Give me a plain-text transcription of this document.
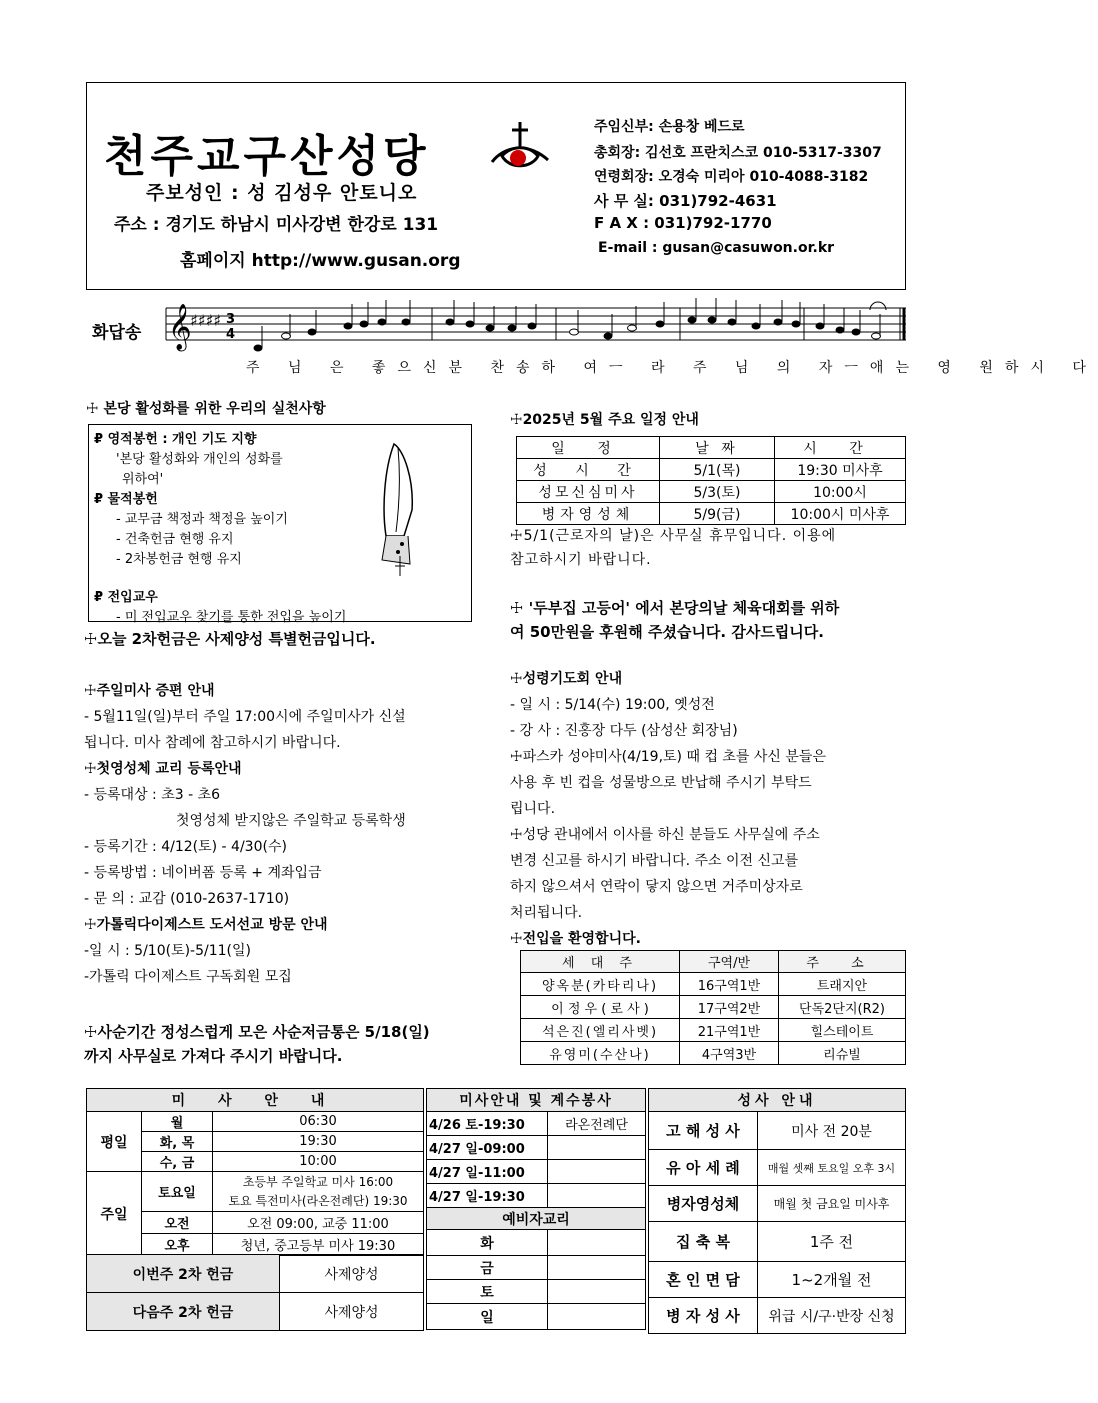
천주교구산성당
주보성인 : 성 김성우 안토니오
주소 : 경기도 하남시 미사강변 한강로 131
홈페이지 http://www.gusan.org
주임신부: 손용창 베드로
총회장: 김선호 프란치스코 010-5317-3307
연령회장: 오경숙 미리아 010-4088-3182
사 무 실: 031)792-4631
F A X : 031)792-1770
E-mail : gusan@casuwon.or.kr
화답송 𝄞
♯♯♯♯ 3
4
주 님 은 좋으신분 찬송하 여ㅡ 라 주 님 의 자ㅡ애는 영 원하시 다
☩ 본당 활성화를 위한 우리의 실천사항
₽ 영적봉헌 : 개인 기도 지향
'본당 활성화와 개인의 성화를
위하여'
₽ 물적봉헌
- 교무금 책정과 책정을 높이기
- 건축헌금 현행 유지
- 2차봉헌금 현행 유지
₽ 전입교우
- 미 전입교우 찾기를 통한 전입을 높이기
☩오늘 2차헌금은 사제양성 특별헌금입니다.
☩주일미사 증편 안내
- 5월11일(일)부터 주일 17:00시에 주일미사가 신설
됩니다. 미사 참례에 참고하시기 바랍니다.
☩첫영성체 교리 등록안내
- 등록대상 : 초3 - 초6
첫영성체 받지않은 주일학교 등록학생
- 등록기간 : 4/12(토) - 4/30(수)
- 등록방법 : 네이버폼 등록 + 계좌입금
- 문 의 : 교감 (010-2637-1710)
☩가톨릭다이제스트 도서선교 방문 안내
-일 시 : 5/10(토)-5/11(일)
-가톨릭 다이제스트 구독회원 모집
☩사순기간 정성스럽게 모은 사순저금통은 5/18(일)
까지 사무실로 가져다 주시기 바랍니다.
☩2025년 5월 주요 일정 안내
일 정	날 짜	시 간
성 시 간	5/1(목)	19:30 미사후
성모신심미사	5/3(토)	10:00시
병자영성체	5/9(금)	10:00시 미사후
☩5/1(근로자의 날)은 사무실 휴무입니다. 이용에
참고하시기 바랍니다.
☩ '두부집 고등어' 에서 본당의날 체육대회를 위하
여 50만원을 후원해 주셨습니다. 감사드립니다.
☩성령기도회 안내
- 일 시 : 5/14(수) 19:00, 옛성전
- 강 사 : 진홍장 다두 (삼성산 회장님)
☩파스카 성야미사(4/19,토) 때 컵 초를 사신 분들은
사용 후 빈 컵을 성물방으로 반납해 주시기 부탁드
립니다.
☩성당 관내에서 이사를 하신 분들도 사무실에 주소
변경 신고를 하시기 바랍니다. 주소 이전 신고를
하지 않으셔서 연락이 닿지 않으면 거주미상자로
처리됩니다.
☩전입을 환영합니다.
세 대 주	구역/반	주 소
양옥분(카타리나)	16구역1반	트래지안
이 정 우 ( 로 사 )	17구역2반	단독2단지(R2)
석은진(엘리사벳)	21구역1반	힐스테이트
유영미(수산나)	4구역3반	리슈빌
미 사 안 내		
평일	월	06:30
	화, 목	19:30
	수, 금	10:00
주일	토요일	초등부 주일학교 미사 16:00
토요 특전미사(라온전례단) 19:30

	오전	오전 09:00, 교중 11:00
	오후	청년, 중고등부 미사 19:30
이번주 2차 헌금	사제양성
다음주 2차 헌금	사제양성
미사안내 및 계수봉사	
4/26 토-19:30	라온전례단
4/27 일-09:00	
4/27 일-11:00	
4/27 일-19:30	
예비자교리	
화	
금	
토	
일	
성사 안내	
고 해 성 사	미사 전 20분
유 아 세 례	매월 셋째 토요일 오후 3시
병자영성체	매월 첫 금요일 미사후
집 축 복	1주 전
혼 인 면 담	1~2개월 전
병 자 성 사	위급 시/구·반장 신청
